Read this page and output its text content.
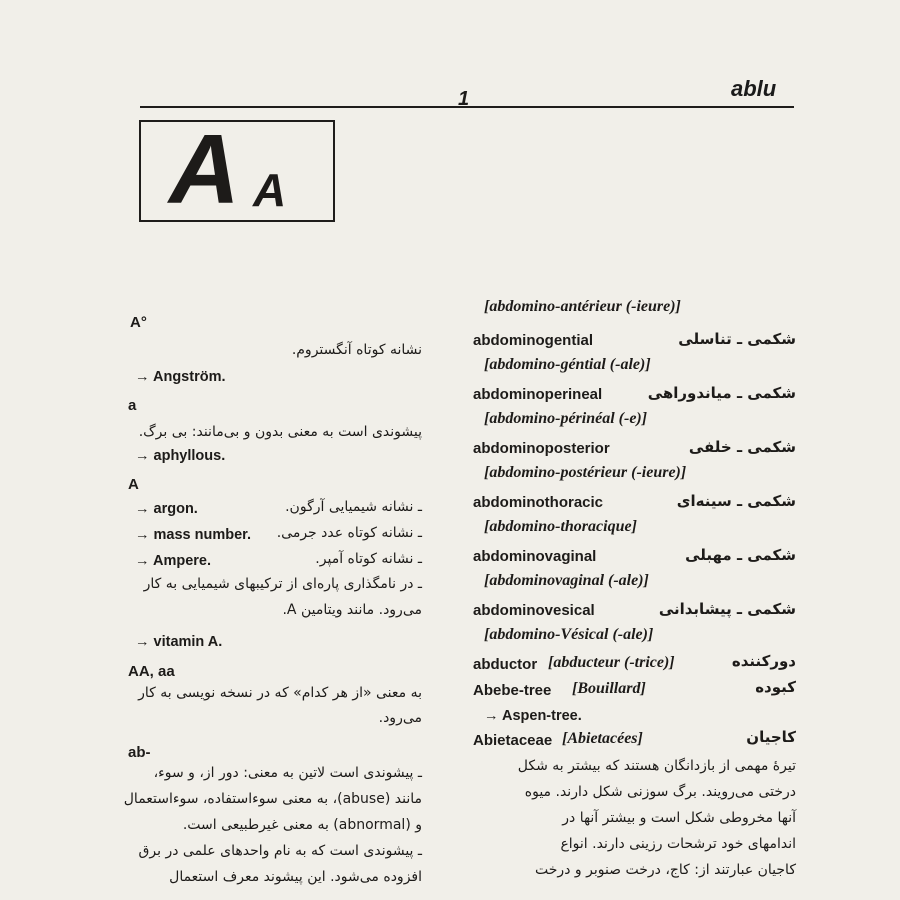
1	ablu
A A
A°
نشانه کوتاه آنگستروم.
→ Angström.
a
پیشوندی است به معنی بدون و بی‌مانند: بی برگ.
→ aphyllous.
A
→ argon.	ـ نشانه شیمیایی آرگون.
→ mass number.	ـ نشانه کوتاه عدد جرمی.
→ Ampere.	ـ نشانه کوتاه آمپر.
ـ در نامگذاری پاره‌ای از ترکیبهای شیمیایی به کار
می‌رود. مانند ویتامین A.
→ vitamin A.
AA, aa
به معنی «از هر کدام» که در نسخه نویسی به کار
می‌رود.
ab-
ـ پیشوندی است لاتین به معنی: دور از، و سوء،
مانند (abuse)، به معنی سوءاستفاده، سوءاستعمال
و (abnormal) به معنی غیرطبیعی است.
ـ پیشوندی است که به نام واحدهای علمی در برق
افزوده می‌شود. این پیشوند معرف استعمال
[abdomino-antérieur (-ieure)]
abdominogential	شکمی ـ تناسلی
[abdomino-géntial (-ale)]
abdominoperineal	شکمی ـ میاندوراهی
[abdomino-périnéal (-e)]
abdominoposterior	شکمی ـ خلفی
[abdomino-postérieur (-ieure)]
abdominothoracic	شکمی ـ سینه‌ای
[abdomino-thoracique]
abdominovaginal	شکمی ـ مهبلی
[abdominovaginal (-ale)]
abdominovesical	شکمی ـ پیشابدانی
[abdomino-Vésical (-ale)]
abductor [abducteur (-trice)]	دورکننده
Abebe-tree [Bouillard]	کبوده
→ Aspen-tree.
Abietaceae [Abietacées]	کاجیان
تیرهٔ مهمی از بازدانگان هستند که بیشتر به شکل
درختی می‌رویند. برگ سوزنی شکل دارند. میوه
آنها مخروطی شکل است و بیشتر آنها در
اندامهای خود ترشحات رزینی دارند. انواع
کاجیان عبارتند از: کاج، درخت صنوبر و درخت
